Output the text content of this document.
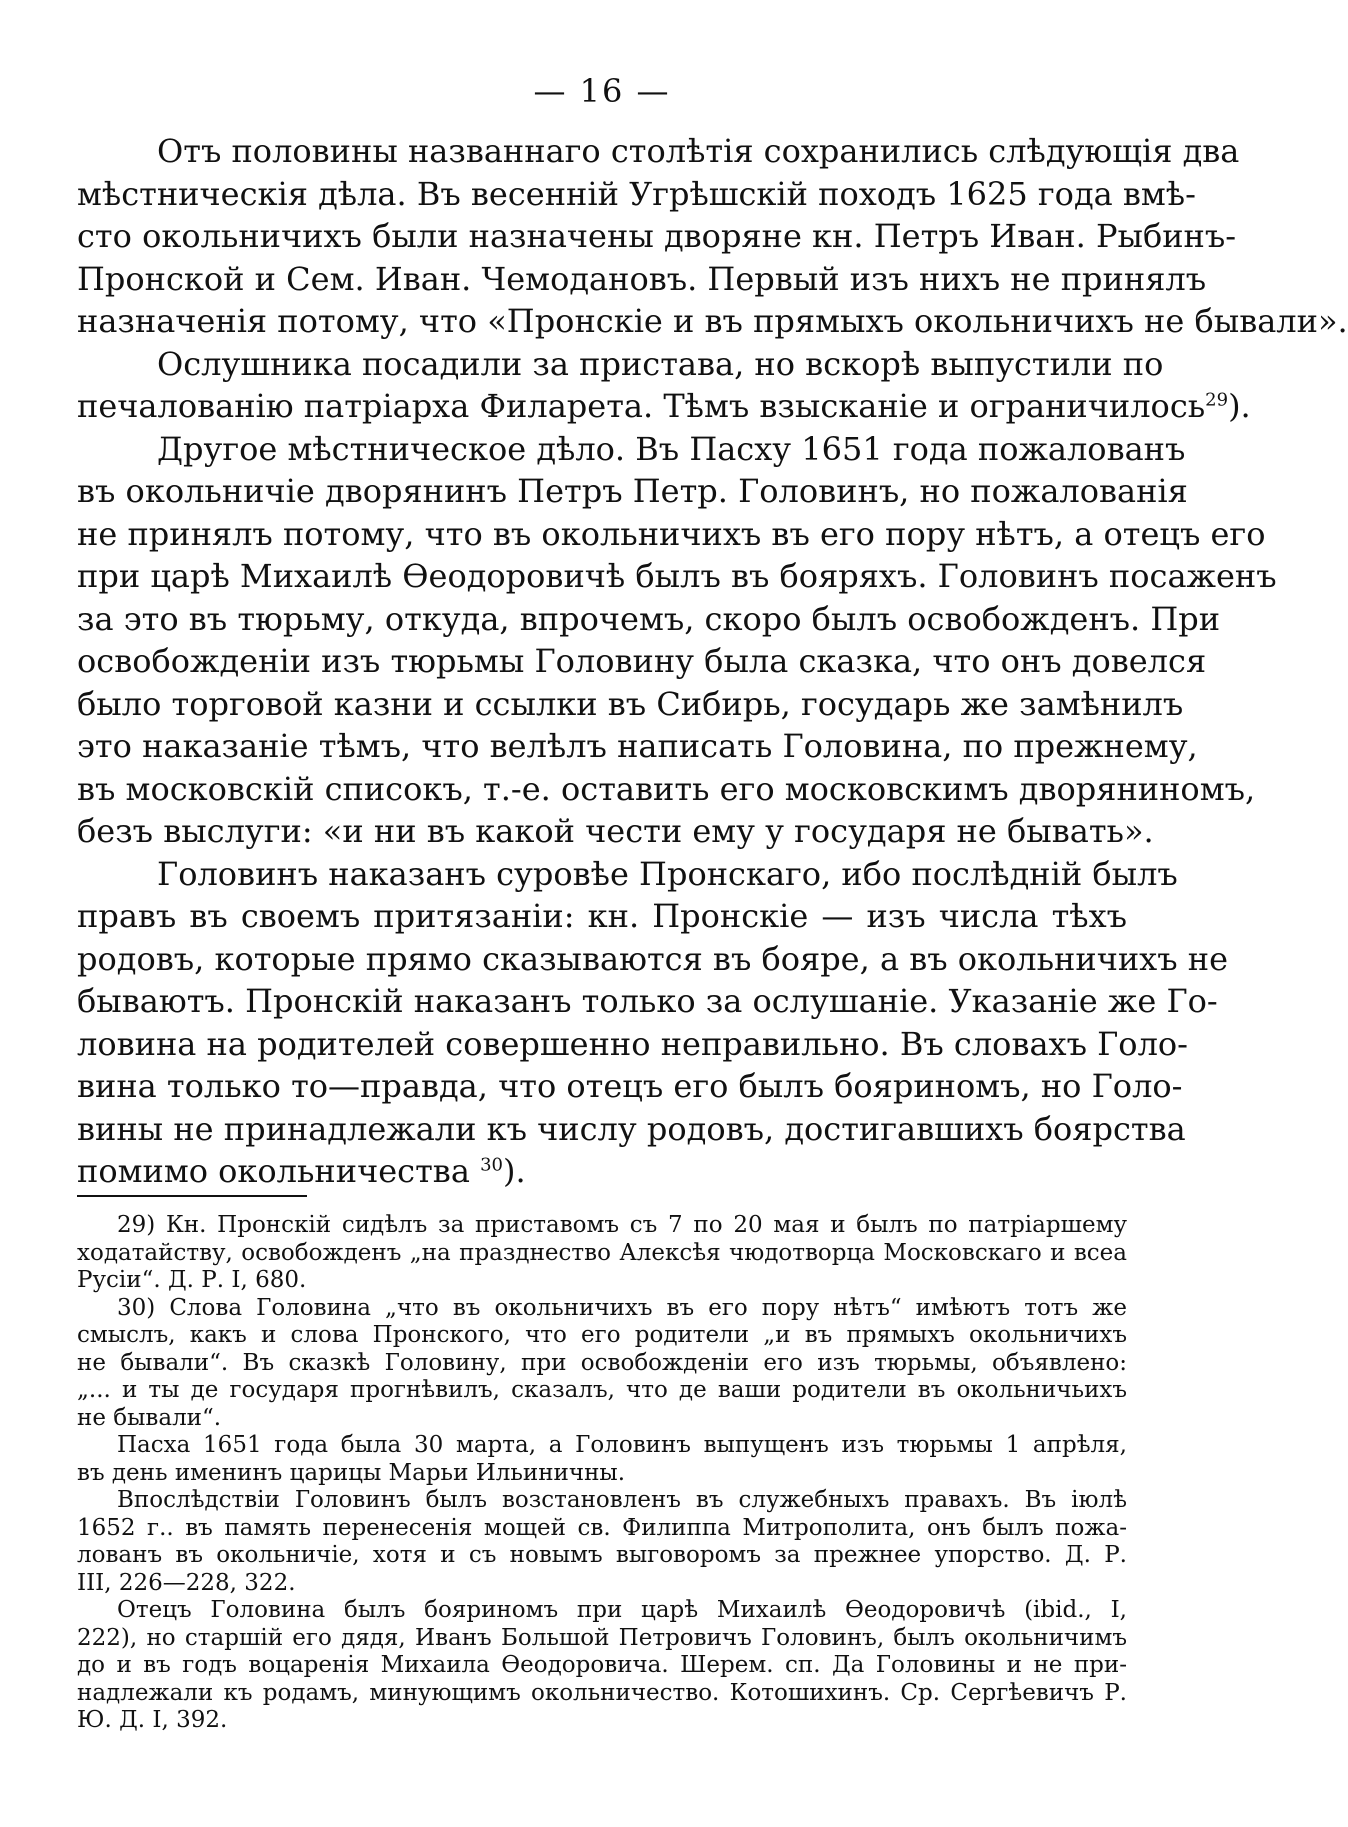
— 16 —
Отъ половины названнаго столѣтія сохранились слѣдующія два
мѣстническія дѣла. Въ весенній Угрѣшскій походъ 1625 года вмѣ-
сто окольничихъ были назначены дворяне кн. Петръ Иван. Рыбинъ-
Пронской и Сем. Иван. Чемодановъ. Первый изъ нихъ не принялъ
назначенія потому, что «Пронскіе и въ прямыхъ окольничихъ не бывали».
Ослушника посадили за пристава, но вскорѣ выпустили по
печалованію патріарха Филарета. Тѣмъ взысканіе и ограничилось$^{29}$).
Другое мѣстническое дѣло. Въ Пасху 1651 года пожалованъ
въ окольничіе дворянинъ Петръ Петр. Головинъ, но пожалованія
не принялъ потому, что въ окольничихъ въ его пору нѣтъ, а отецъ его
при царѣ Михаилѣ Ѳеодоровичѣ былъ въ бояряхъ. Головинъ посаженъ
за это въ тюрьму, откуда, впрочемъ, скоро былъ освобожденъ. При
освобожденіи изъ тюрьмы Головину была сказка, что онъ довелся
было торговой казни и ссылки въ Сибирь, государь же замѣнилъ
это наказаніе тѣмъ, что велѣлъ написать Головина, по прежнему,
въ московскій списокъ, т.-е. оставить его московскимъ дворяниномъ,
безъ выслуги: «и ни въ какой чести ему у государя не бывать».
Головинъ наказанъ суровѣе Пронскаго, ибо послѣдній былъ
правъ въ своемъ притязаніи: кн. Пронскіе — изъ числа тѣхъ
родовъ, которые прямо сказываются въ бояре, а въ окольничихъ не
бываютъ. Пронскій наказанъ только за ослушаніе. Указаніе же Го-
ловина на родителей совершенно неправильно. Въ словахъ Голо-
вина только то—правда, что отецъ его былъ бояриномъ, но Голо-
вины не принадлежали къ числу родовъ, достигавшихъ боярства
помимо окольничества $^{30}$).
29) Кн. Пронскій сидѣлъ за приставомъ съ 7 по 20 мая и былъ по патріаршему
ходатайству, освобожденъ „на празднество Алексѣя чюдотворца Московскаго и всеа
Русіи“. Д. Р. I, 680.
30) Слова Головина „что въ окольничихъ въ его пору нѣтъ“ имѣютъ тотъ же
смыслъ, какъ и слова Пронского, что его родители „и въ прямыхъ окольничихъ
не бывали“. Въ сказкѣ Головину, при освобожденіи его изъ тюрьмы, объявлено:
„... и ты де государя прогнѣвилъ, сказалъ, что де ваши родители въ окольничьихъ
не бывали“.
Пасха 1651 года была 30 марта, а Головинъ выпущенъ изъ тюрьмы 1 апрѣля,
въ день именинъ царицы Марьи Ильиничны.
Впослѣдствіи Головинъ былъ возстановленъ въ служебныхъ правахъ. Въ іюлѣ
1652 г.. въ память перенесенія мощей св. Филиппа Митрополита, онъ былъ пожа-
лованъ въ окольничіе, хотя и съ новымъ выговоромъ за прежнее упорство. Д. Р.
III, 226—228, 322.
Отецъ Головина былъ бояриномъ при царѣ Михаилѣ Ѳеодоровичѣ (ibid., I,
222), но старшій его дядя, Иванъ Большой Петровичъ Головинъ, былъ окольничимъ
до и въ годъ воцаренія Михаила Ѳеодоровича. Шерем. сп. Да Головины и не при-
надлежали къ родамъ, минующимъ окольничество. Котошихинъ. Ср. Сергѣевичъ Р.
Ю. Д. I, 392.
